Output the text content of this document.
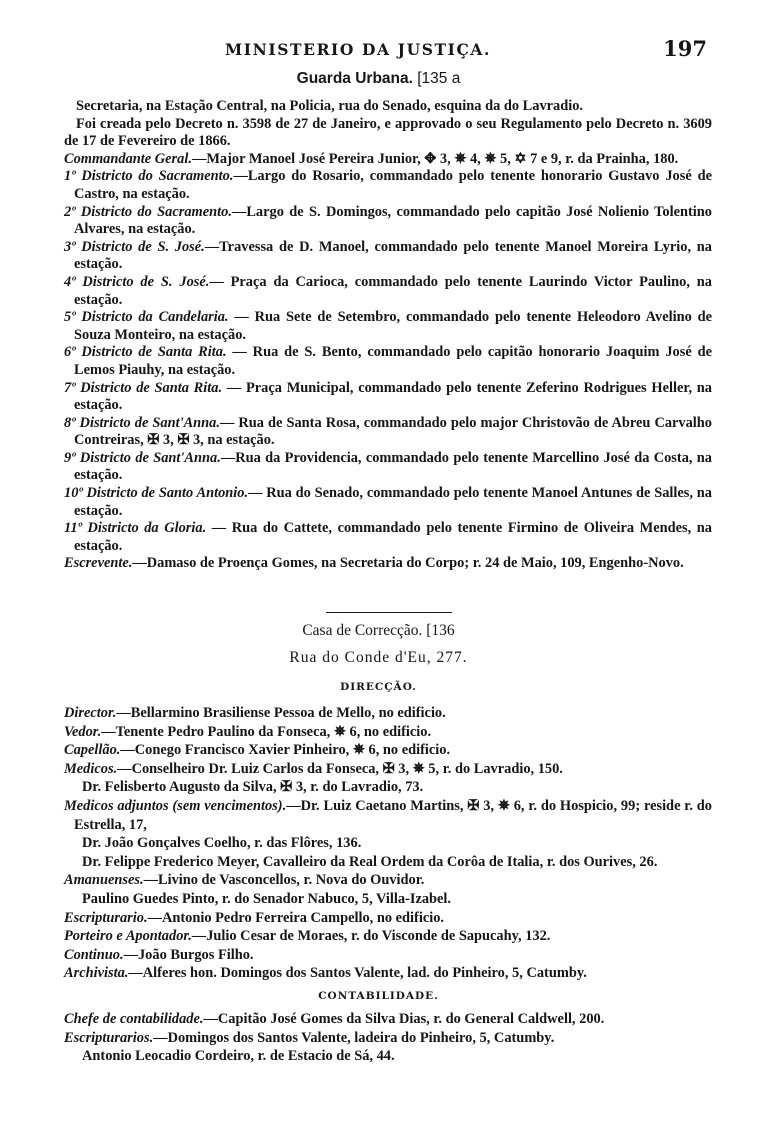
MINISTERIO DA JUSTIÇA.	197
Guarda Urbana. [135 a

Secretaria, na Estação Central, na Policia, rua do Senado, esquina da do Lavradio.

Foi creada pelo Decreto n. 3598 de 27 de Janeiro, e approvado o seu Regulamento pelo Decreto n. 3609 de 17 de Fevereiro de 1866.

Commandante Geral.—Major Manoel José Pereira Junior, ✥ 3, ✵ 4, ✵ 5, ✡ 7 e 9, r. da Prainha, 180.

1º Districto do Sacramento.—Largo do Rosario, commandado pelo tenente honorario Gustavo José de Castro, na estação.

2º Districto do Sacramento.—Largo de S. Domingos, commandado pelo capitão José Nolienio Tolentino Alvares, na estação.

3º Districto de S. José.—Travessa de D. Manoel, commandado pelo tenente Manoel Moreira Lyrio, na estação.

4º Districto de S. José.— Praça da Carioca, commandado pelo tenente Laurindo Victor Paulino, na estação.

5º Districto da Candelaria. — Rua Sete de Setembro, commandado pelo tenente Heleodoro Avelino de Souza Monteiro, na estação.

6º Districto de Santa Rita. — Rua de S. Bento, commandado pelo capitão honorario Joaquim José de Lemos Piauhy, na estação.

7º Districto de Santa Rita. — Praça Municipal, commandado pelo tenente Zeferino Rodrigues Heller, na estação.

8º Districto de Sant'Anna.— Rua de Santa Rosa, commandado pelo major Christovão de Abreu Carvalho Contreiras, ✠ 3, ✠ 3, na estação.

9º Districto de Sant'Anna.—Rua da Providencia, commandado pelo tenente Marcellino José da Costa, na estação.

10º Districto de Santo Antonio.— Rua do Senado, commandado pelo tenente Manoel Antunes de Salles, na estação.

11º Districto da Gloria. — Rua do Cattete, commandado pelo tenente Firmino de Oliveira Mendes, na estação.

Escrevente.—Damaso de Proença Gomes, na Secretaria do Corpo; r. 24 de Maio, 109, Engenho-Novo.

Casa de Correcção. [136
Rua do Conde d'Eu, 277.
DIRECÇÃO.

Director.—Bellarmino Brasiliense Pessoa de Mello, no edificio.

Vedor.—Tenente Pedro Paulino da Fonseca, ✵ 6, no edificio.

Capellão.—Conego Francisco Xavier Pinheiro, ✵ 6, no edificio.

Medicos.—Conselheiro Dr. Luiz Carlos da Fonseca, ✠ 3, ✵ 5, r. do Lavradio, 150.

Dr. Felisberto Augusto da Silva, ✠ 3, r. do Lavradio, 73.

Medicos adjuntos (sem vencimentos).—Dr. Luiz Caetano Martins, ✠ 3, ✵ 6, r. do Hospicio, 99; reside r. do Estrella, 17,

Dr. João Gonçalves Coelho, r. das Flôres, 136.

Dr. Felippe Frederico Meyer, Cavalleiro da Real Ordem da Corôa de Italia, r. dos Ourives, 26.

Amanuenses.—Livino de Vasconcellos, r. Nova do Ouvidor.

Paulino Guedes Pinto, r. do Senador Nabuco, 5, Villa-Izabel.

Escripturario.—Antonio Pedro Ferreira Campello, no edificio.

Porteiro e Apontador.—Julio Cesar de Moraes, r. do Visconde de Sapucahy, 132.

Continuo.—João Burgos Filho.

Archivista.—Alferes hon. Domingos dos Santos Valente, lad. do Pinheiro, 5, Catumby.

CONTABILIDADE.

Chefe de contabilidade.—Capitão José Gomes da Silva Dias, r. do General Caldwell, 200.

Escripturarios.—Domingos dos Santos Valente, ladeira do Pinheiro, 5, Catumby.

Antonio Leocadio Cordeiro, r. de Estacio de Sá, 44.
